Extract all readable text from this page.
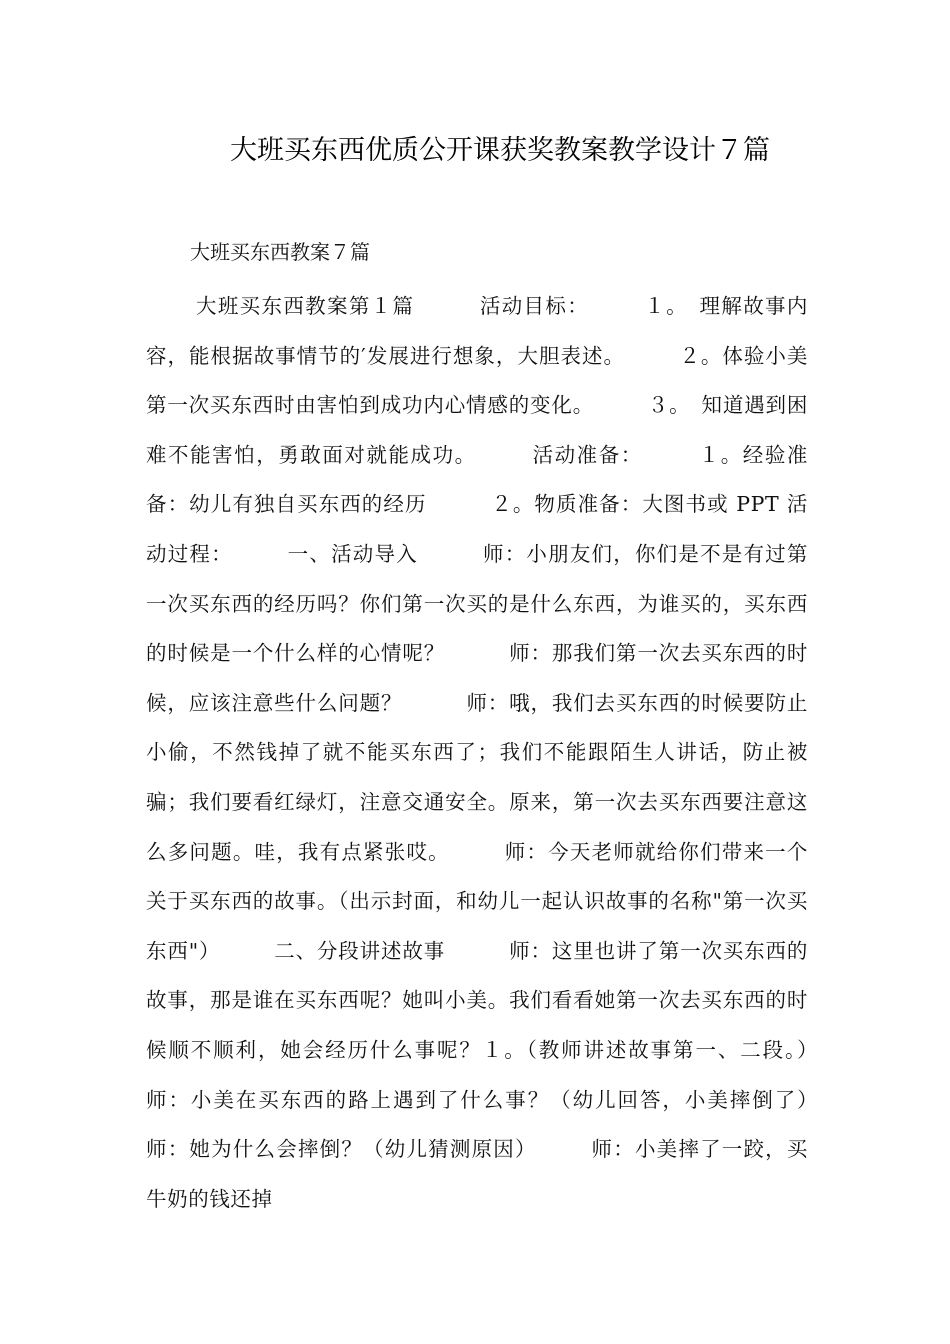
大班买东西优质公开课获奖教案教学设计７篇
大班买东西教案７篇

大班买东西教案第１篇　　　活动目标：　　　１。　理解故事内容，能根据故事情节的′发展进行想象，大胆表述。　　　２。体验小美第一次买东西时由害怕到成功内心情感的变化。　　　３。　知道遇到困难不能害怕，勇敢面对就能成功。　　　活动准备：　　　１。经验准备：幼儿有独自买东西的经历　　　２。物质准备：大图书或 PPT 活动过程：　　　一、活动导入　　　师：小朋友们，你们是不是有过第一次买东西的经历吗？你们第一次买的是什么东西，为谁买的，买东西的时候是一个什么样的心情呢？　　　师：那我们第一次去买东西的时候，应该注意些什么问题？　　　师：哦，我们去买东西的时候要防止小偷，不然钱掉了就不能买东西了；我们不能跟陌生人讲话，防止被骗；我们要看红绿灯，注意交通安全。原来，第一次去买东西要注意这么多问题。哇，我有点紧张哎。　　　师：今天老师就给你们带来一个关于买东西的故事。（出示封面，和幼儿一起认识故事的名称"第一次买东西"）　　　二、分段讲述故事　　　师：这里也讲了第一次买东西的故事，那是谁在买东西呢？她叫小美。我们看看她第一次去买东西的时候顺不顺利，她会经历什么事呢？１。（教师讲述故事第一、二段。）　　　师：小美在买东西的路上遇到了什么事？（幼儿回答，小美摔倒了）　　　师：她为什么会摔倒？（幼儿猜测原因）　　　师：小美摔了一跤，买牛奶的钱还掉
